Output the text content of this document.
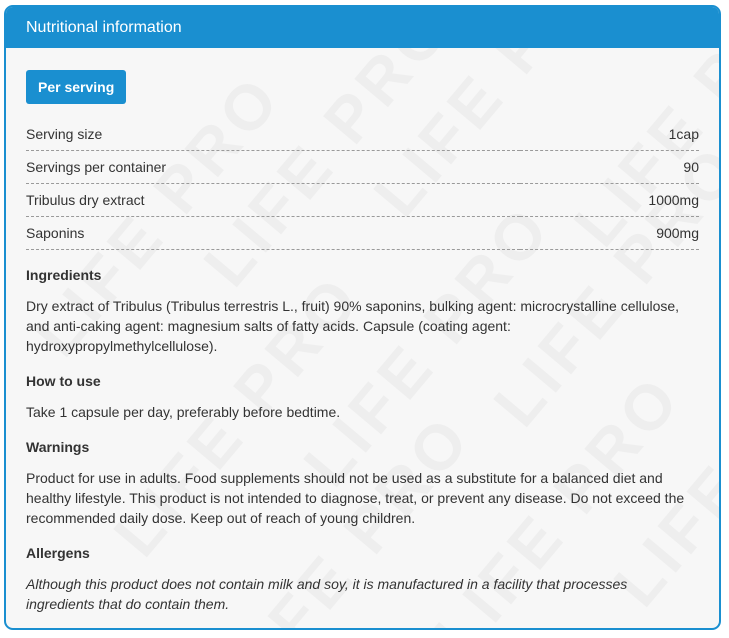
Nutritional information
Per serving
Serving size	1cap
Servings per container	90
Tribulus dry extract	1000mg
Saponins	900mg
Ingredients
Dry extract of Tribulus (Tribulus terrestris L., fruit) 90% saponins, bulking agent: microcrystalline cellulose, and anti-caking agent: magnesium salts of fatty acids. Capsule (coating agent: hydroxypropylmethylcellulose).
How to use
Take 1 capsule per day, preferably before bedtime.
Warnings
Product for use in adults. Food supplements should not be used as a substitute for a balanced diet and healthy lifestyle. This product is not intended to diagnose, treat, or prevent any disease. Do not exceed the recommended daily dose. Keep out of reach of young children.
Allergens
Although this product does not contain milk and soy, it is manufactured in a facility that processes ingredients that do contain them.
